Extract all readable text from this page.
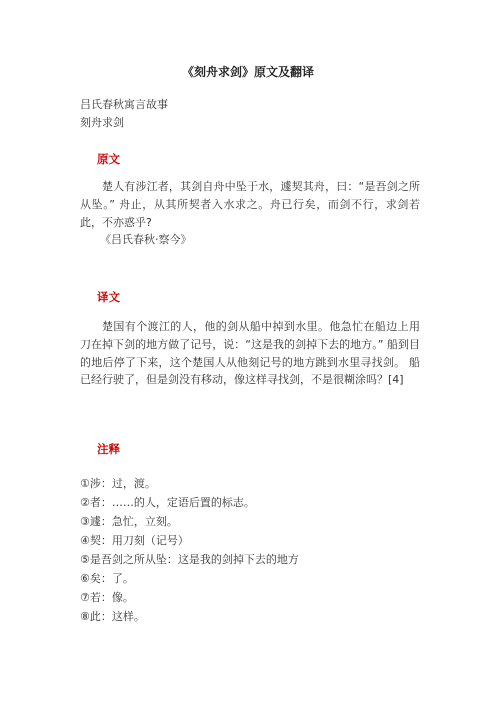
《刻舟求剑》原文及翻译

吕氏春秋寓言故事

刻舟求剑

原文

楚人有涉江者，其剑自舟中坠于水，遽契其舟，曰：“是吾剑之所从坠。” 舟止，从其所契者入水求之。舟已行矣，而剑不行，求剑若此，不亦惑乎?

《吕氏春秋·察今》

译文

楚国有个渡江的人，他的剑从船中掉到水里。他急忙在船边上用刀在掉下剑的地方做了记号，说：“这是我的剑掉下去的地方。” 船到目的地后停了下来，这个楚国人从他刻记号的地方跳到水里寻找剑。 船已经行驶了，但是剑没有移动，像这样寻找剑，不是很糊涂吗？[4]

注释

①涉：过，渡。
②者：……的人，定语后置的标志。
③遽：急忙，立刻。
④契：用刀刻（记号）
⑤是吾剑之所从坠：这是我的剑掉下去的地方
⑥矣：了。
⑦若：像。
⑧此：这样。
